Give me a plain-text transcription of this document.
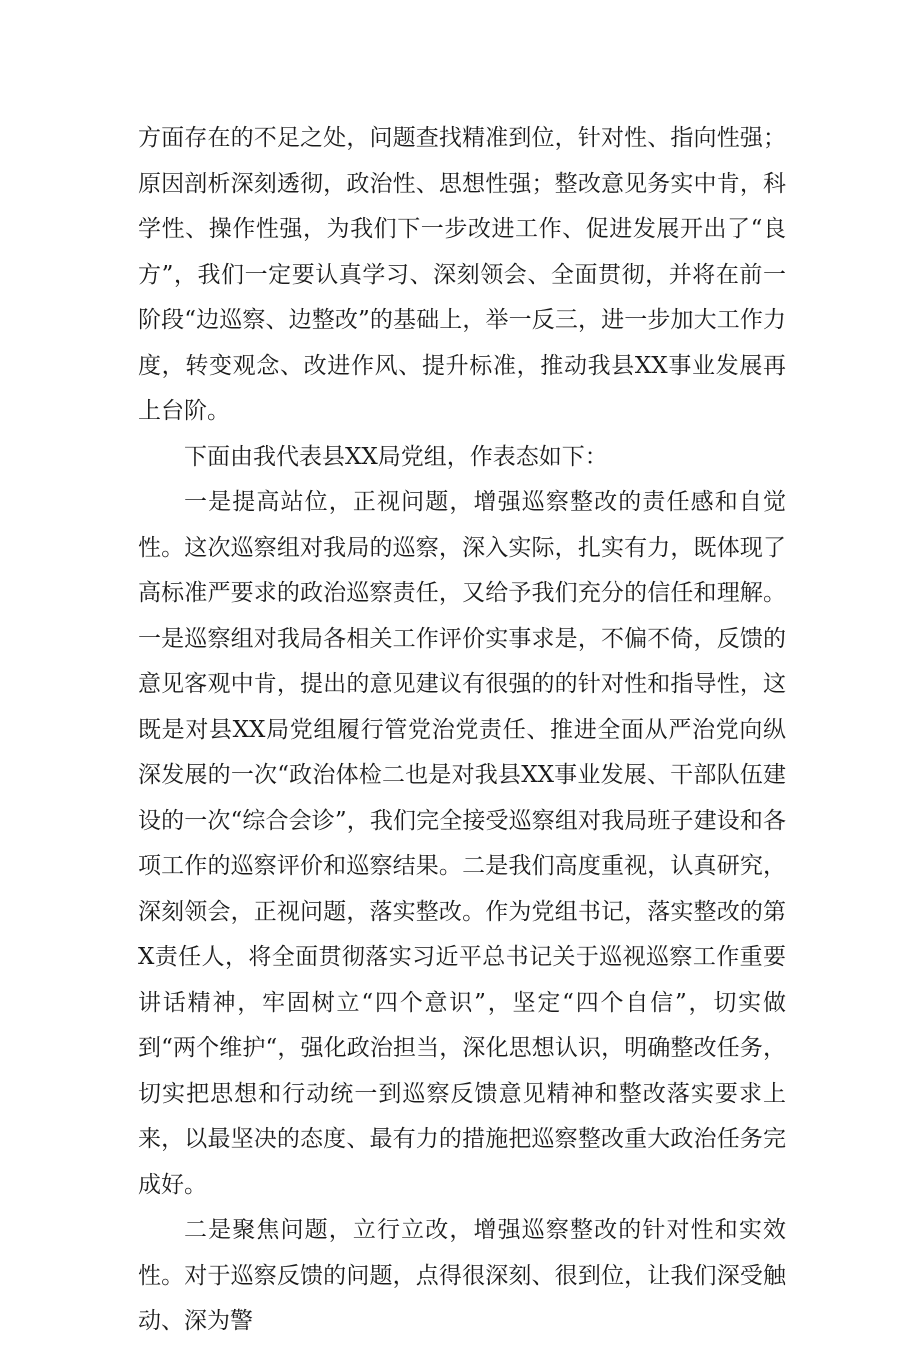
方面存在的不足之处，问题查找精准到位，针对性、指向性强；原因剖析深刻透彻，政治性、思想性强；整改意见务实中肯，科学性、操作性强，为我们下一步改进工作、促进发展开出了“良方”，我们一定要认真学习、深刻领会、全面贯彻，并将在前一阶段“边巡察、边整改”的基础上，举一反三，进一步加大工作力度，转变观念、改进作风、提升标准，推动我县XX事业发展再上台阶。

下面由我代表县XX局党组，作表态如下：

一是提高站位，正视问题，增强巡察整改的责任感和自觉性。这次巡察组对我局的巡察，深入实际，扎实有力，既体现了高标准严要求的政治巡察责任，又给予我们充分的信任和理解。一是巡察组对我局各相关工作评价实事求是，不偏不倚，反馈的意见客观中肯，提出的意见建议有很强的的针对性和指导性，这既是对县XX局党组履行管党治党责任、推进全面从严治党向纵深发展的一次“政治体检二也是对我县XX事业发展、干部队伍建设的一次“综合会诊”，我们完全接受巡察组对我局班子建设和各项工作的巡察评价和巡察结果。二是我们高度重视，认真研究，深刻领会，正视问题，落实整改。作为党组书记，落实整改的第X责任人，将全面贯彻落实习近平总书记关于巡视巡察工作重要讲话精神，牢固树立“四个意识”，坚定“四个自信”，切实做到“两个维护“，强化政治担当，深化思想认识，明确整改任务，切实把思想和行动统一到巡察反馈意见精神和整改落实要求上来，以最坚决的态度、最有力的措施把巡察整改重大政治任务完成好。

二是聚焦问题，立行立改，增强巡察整改的针对性和实效性。对于巡察反馈的问题，点得很深刻、很到位，让我们深受触动、深为警
